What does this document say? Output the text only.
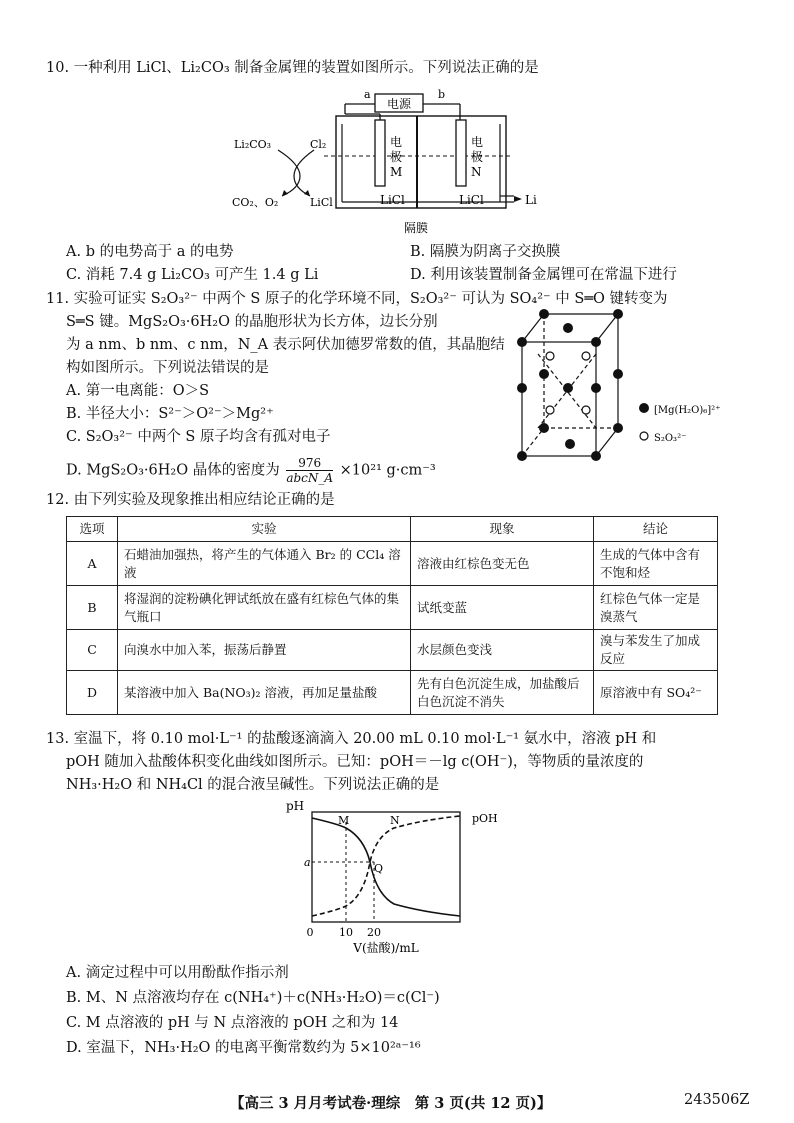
10. 一种利用 LiCl、Li₂CO₃ 制备金属锂的装置如图所示。下列说法正确的是
电源
a	b
电
极
M
电
极
N
LiCl	LiCl
隔膜
Li
Li₂CO₃	Cl₂
CO₂、O₂	LiCl
A. b 的电势高于 a 的电势	B. 隔膜为阴离子交换膜
C. 消耗 7.4 g Li₂CO₃ 可产生 1.4 g Li	D. 利用该装置制备金属锂可在常温下进行
11. 实验可证实 S₂O₃²⁻ 中两个 S 原子的化学环境不同，S₂O₃²⁻ 可认为 SO₄²⁻ 中 S═O 键转变为
S═S 键。MgS₂O₃·6H₂O 的晶胞形状为长方体，边长分别
为 a nm、b nm、c nm，N_A 表示阿伏加德罗常数的值，其晶胞结
构如图所示。下列说法错误的是
A. 第一电离能：O＞S
B. 半径大小：S²⁻＞O²⁻＞Mg²⁺
C. S₂O₃²⁻ 中两个 S 原子均含有孤对电子
D. MgS₂O₃·6H₂O 晶体的密度为	976
abcN_A ×10²¹ g·cm⁻³
[Mg(H₂O)₆]²⁺
S₂O₃²⁻
12. 由下列实验及现象推出相应结论正确的是
选项	实验	现象	结论
A	石蜡油加强热，将产生的气体通入 Br₂ 的 CCl₄ 溶液	溶液由红棕色变无色	生成的气体中含有不饱和烃
B	将湿润的淀粉碘化钾试纸放在盛有红棕色气体的集气瓶口	试纸变蓝	红棕色气体一定是溴蒸气
C	向溴水中加入苯，振荡后静置	水层颜色变浅	溴与苯发生了加成反应
D	某溶液中加入 Ba(NO₃)₂ 溶液，再加足量盐酸	先有白色沉淀生成，加盐酸后白色沉淀不消失	原溶液中有 SO₄²⁻
13. 室温下，将 0.10 mol·L⁻¹ 的盐酸逐滴滴入 20.00 mL 0.10 mol·L⁻¹ 氨水中，溶液 pH 和
pOH 随加入盐酸体积变化曲线如图所示。已知：pOH＝－lg c(OH⁻)，等物质的量浓度的
NH₃·H₂O 和 NH₄Cl 的混合液呈碱性。下列说法正确的是
pH
0 10 20
V(盐酸)/mL
a
M	N
Q
pOH
A. 滴定过程中可以用酚酞作指示剂
B. M、N 点溶液均存在 c(NH₄⁺)＋c(NH₃·H₂O)＝c(Cl⁻)
C. M 点溶液的 pH 与 N 点溶液的 pOH 之和为 14
D. 室温下，NH₃·H₂O 的电离平衡常数约为 5×10²ᵃ⁻¹⁶
【高三 3 月月考试卷·理综　第 3 页(共 12 页)】	243506Z
